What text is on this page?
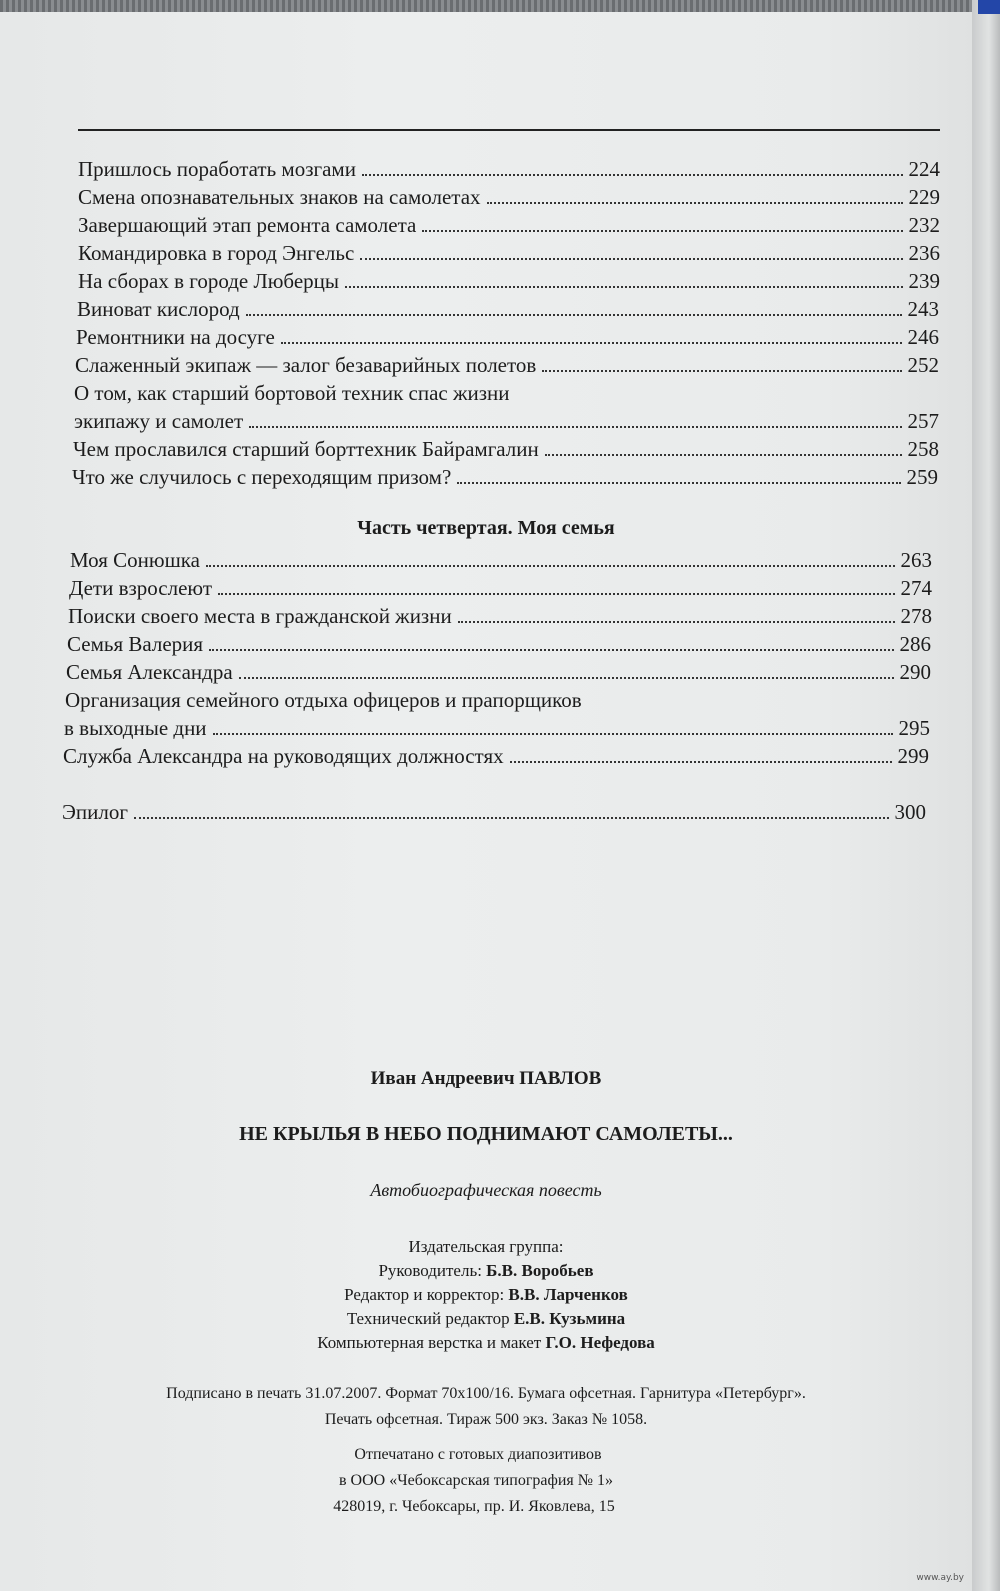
Пришлось поработать мозгами	224
Смена опознавательных знаков на самолетах	229
Завершающий этап ремонта самолета	232
Командировка в город Энгельс	236
На сборах в городе Люберцы	239
Виноват кислород	243
Ремонтники на досуге	246
Слаженный экипаж — залог безаварийных полетов	252
О том, как старший бортовой техник спас жизни
экипажу и самолет	257
Чем прославился старший борттехник Байрамгалин	258
Что же случилось с переходящим призом?	259
Часть четвертая. Моя семья
Моя Сонюшка	263
Дети взрослеют	274
Поиски своего места в гражданской жизни	278
Семья Валерия	286
Семья Александра	290
Организация семейного отдыха офицеров и прапорщиков
в выходные дни	295
Служба Александра на руководящих должностях	299
Эпилог	300
Иван Андреевич ПАВЛОВ
НЕ КРЫЛЬЯ В НЕБО ПОДНИМАЮТ САМОЛЕТЫ...
Автобиографическая повесть
Издательская группа:
Руководитель: Б.В. Воробьев
Редактор и корректор: В.В. Ларченков
Технический редактор Е.В. Кузьмина
Компьютерная верстка и макет Г.О. Нефедова
Подписано в печать 31.07.2007. Формат 70x100/16. Бумага офсетная. Гарнитура «Петербург».
Печать офсетная. Тираж 500 экз. Заказ № 1058.
Отпечатано с готовых диапозитивов
в ООО «Чебоксарская типография № 1»
428019, г. Чебоксары, пр. И. Яковлева, 15
www.ay.by
